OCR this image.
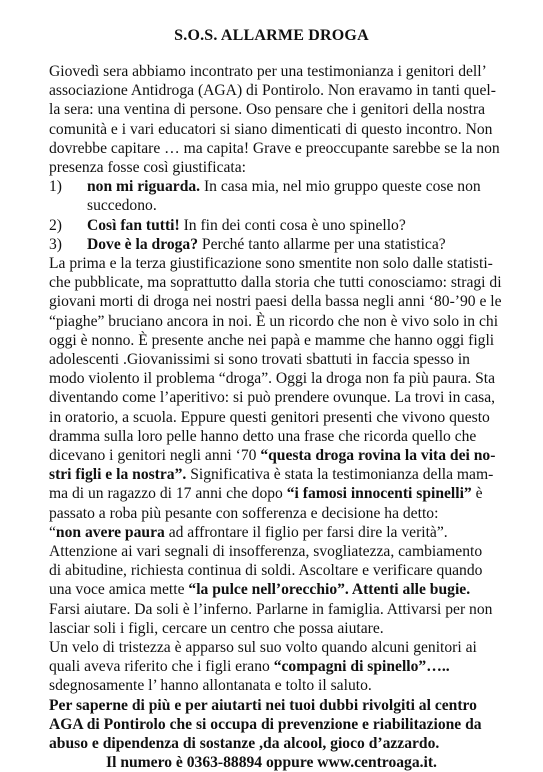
S.O.S. ALLARME DROGA
Giovedì sera abbiamo incontrato per una testimonianza i genitori dell’
associazione Antidroga (AGA) di Pontirolo. Non eravamo in tanti quel-
la sera: una ventina di persone. Oso pensare che i genitori della nostra
comunità e i vari educatori si siano dimenticati di questo incontro. Non
dovrebbe capitare … ma capita! Grave e preoccupante sarebbe se la non
presenza fosse così giustificata:
1) non mi riguarda. In casa mia, nel mio gruppo queste cose non
succedono.
2) Così fan tutti! In fin dei conti cosa è uno spinello?
3) Dove è la droga? Perché tanto allarme per una statistica?
La prima e la terza giustificazione sono smentite non solo dalle statisti-
che pubblicate, ma soprattutto dalla storia che tutti conosciamo: stragi di
giovani morti di droga nei nostri paesi della bassa negli anni ‘80-’90 e le
“piaghe” bruciano ancora in noi. È un ricordo che non è vivo solo in chi
oggi è nonno. È presente anche nei papà e mamme che hanno oggi figli
adolescenti .Giovanissimi si sono trovati sbattuti in faccia spesso in
modo violento il problema “droga”. Oggi la droga non fa più paura. Sta
diventando come l’aperitivo: si può prendere ovunque. La trovi in casa,
in oratorio, a scuola. Eppure questi genitori presenti che vivono questo
dramma sulla loro pelle hanno detto una frase che ricorda quello che
dicevano i genitori negli anni ‘70 “questa droga rovina la vita dei no-
stri figli e la nostra”. Significativa è stata la testimonianza della mam-
ma di un ragazzo di 17 anni che dopo “i famosi innocenti spinelli” è
passato a roba più pesante con sofferenza e decisione ha detto:
“non avere paura ad affrontare il figlio per farsi dire la verità”.
Attenzione ai vari segnali di insofferenza, svogliatezza, cambiamento
di abitudine, richiesta continua di soldi. Ascoltare e verificare quando
una voce amica mette “la pulce nell’orecchio”. Attenti alle bugie.
Farsi aiutare. Da soli è l’inferno. Parlarne in famiglia. Attivarsi per non
lasciar soli i figli, cercare un centro che possa aiutare.
Un velo di tristezza è apparso sul suo volto quando alcuni genitori ai
quali aveva riferito che i figli erano “compagni di spinello”…..
sdegnosamente l’ hanno allontanata e tolto il saluto.
Per saperne di più e per aiutarti nei tuoi dubbi rivolgiti al centro
AGA di Pontirolo che si occupa di prevenzione e riabilitazione da
abuso e dipendenza di sostanze ,da alcool, gioco d’azzardo.
Il numero è 0363-88894 oppure www.centroaga.it.
